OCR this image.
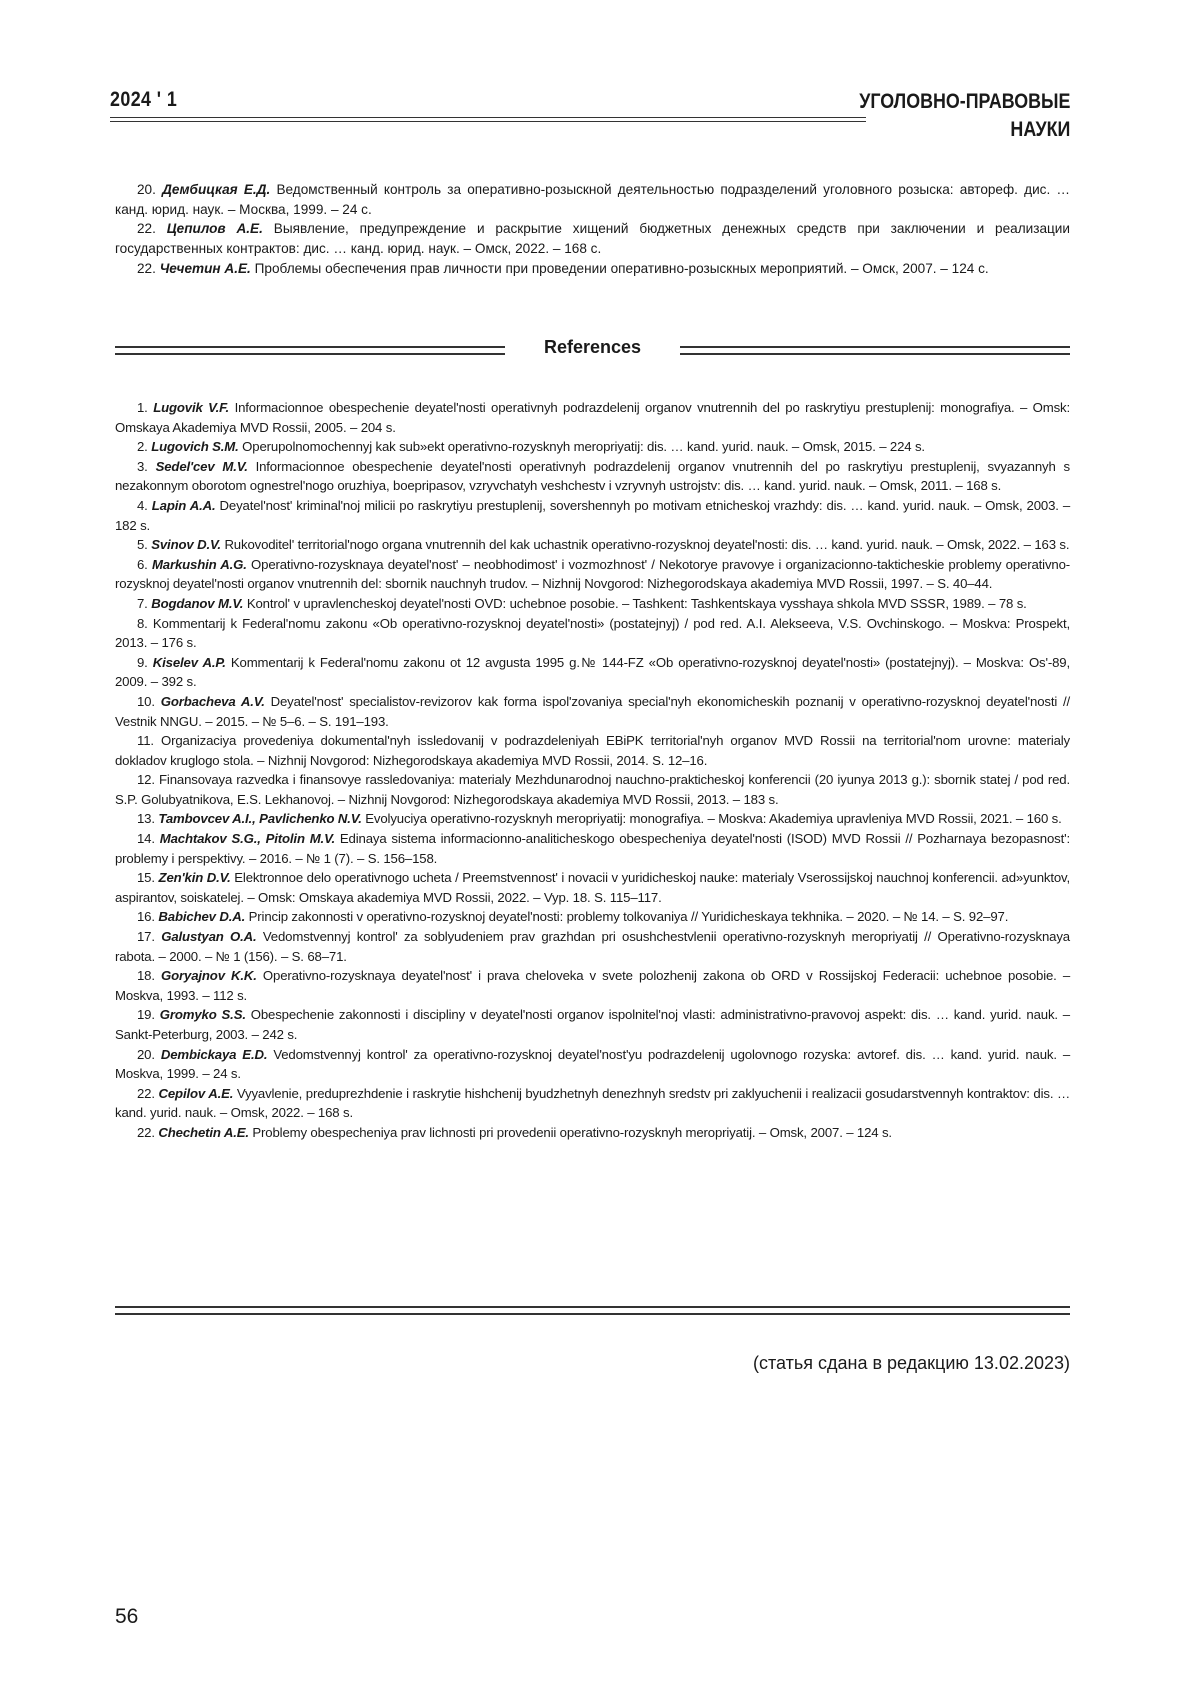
2024 ' 1	УГОЛОВНО-ПРАВОВЫЕ
НАУКИ

20. Дембицкая Е.Д. Ведомственный контроль за оперативно-розыскной деятельностью подразделений уголовного розыска: автореф. дис. … канд. юрид. наук. – Москва, 1999. – 24 с.

22. Цепилов А.Е. Выявление, предупреждение и раскрытие хищений бюджетных денежных средств при заключении и реализации государственных контрактов: дис. … канд. юрид. наук. – Омск, 2022. – 168 с.

22. Чечетин А.Е. Проблемы обеспечения прав личности при проведении оперативно-розыскных мероприятий. – Омск, 2007. – 124 с.

References

1. Lugovik V.F. Informacionnoe obespechenie deyatel'nosti operativnyh podrazdelenij organov vnutrennih del po raskrytiyu prestuplenij: monografiya. – Omsk: Omskaya Akademiya MVD Rossii, 2005. – 204 s.

2. Lugovich S.M. Operupolnomochennyj kak sub»ekt operativno-rozysknyh meropriyatij: dis. … kand. yurid. nauk. – Omsk, 2015. – 224 s.

3. Sedel'cev M.V. Informacionnoe obespechenie deyatel'nosti operativnyh podrazdelenij organov vnutrennih del po raskrytiyu prestuplenij, svyazannyh s nezakonnym oborotom ognestrel'nogo oruzhiya, boepripasov, vzryvchatyh veshchestv i vzryvnyh ustrojstv: dis. … kand. yurid. nauk. – Omsk, 2011. – 168 s.

4. Lapin A.A. Deyatel'nost' kriminal'noj milicii po raskrytiyu prestuplenij, sovershennyh po motivam etnicheskoj vrazhdy: dis. … kand. yurid. nauk. – Omsk, 2003. – 182 s.

5. Svinov D.V. Rukovoditel' territorial'nogo organa vnutrennih del kak uchastnik operativno-rozysknoj deyatel'nosti: dis. … kand. yurid. nauk. – Omsk, 2022. – 163 s.

6. Markushin A.G. Operativno-rozysknaya deyatel'nost' – neobhodimost' i vozmozhnost' / Nekotorye pravovye i organizacionno-takticheskie problemy operativno-rozysknoj deyatel'nosti organov vnutrennih del: sbornik nauchnyh trudov. – Nizhnij Novgorod: Nizhegorodskaya akademiya MVD Rossii, 1997. – S. 40–44.

7. Bogdanov M.V. Kontrol' v upravlencheskoj deyatel'nosti OVD: uchebnoe posobie. – Tashkent: Tashkentskaya vysshaya shkola MVD SSSR, 1989. – 78 s.

8. Kommentarij k Federal'nomu zakonu «Ob operativno-rozysknoj deyatel'nosti» (postatejnyj) / pod red. A.I. Alekseeva, V.S. Ovchinskogo. – Moskva: Prospekt, 2013. – 176 s.

9. Kiselev A.P. Kommentarij k Federal'nomu zakonu ot 12 avgusta 1995 g.№ 144-FZ «Ob operativno-rozysknoj deyatel'nosti» (postatejnyj). – Moskva: Os'-89, 2009. – 392 s.

10. Gorbacheva A.V. Deyatel'nost' specialistov-revizorov kak forma ispol'zovaniya special'nyh ekonomicheskih poznanij v operativno-rozysknoj deyatel'nosti // Vestnik NNGU. – 2015. – № 5–6. – S. 191–193.

11. Organizaciya provedeniya dokumental'nyh issledovanij v podrazdeleniyah EBiPK territorial'nyh organov MVD Rossii na territorial'nom urovne: materialy dokladov kruglogo stola. – Nizhnij Novgorod: Nizhegorodskaya akademiya MVD Rossii, 2014. S. 12–16.

12. Finansovaya razvedka i finansovye rassledovaniya: materialy Mezhdunarodnoj nauchno-prakticheskoj konferencii (20 iyunya 2013 g.): sbornik statej / pod red. S.P. Golubyatnikova, E.S. Lekhanovoj. – Nizhnij Novgorod: Nizhegorodskaya akademiya MVD Rossii, 2013. – 183 s.

13. Tambovcev A.I., Pavlichenko N.V. Evolyuciya operativno-rozysknyh meropriyatij: monografiya. – Moskva: Akademiya upravleniya MVD Rossii, 2021. – 160 s.

14. Machtakov S.G., Pitolin M.V. Edinaya sistema informacionno-analiticheskogo obespecheniya deyatel'nosti (ISOD) MVD Rossii // Pozharnaya bezopasnost': problemy i perspektivy. – 2016. – № 1 (7). – S. 156–158.

15. Zen'kin D.V. Elektronnoe delo operativnogo ucheta / Preemstvennost' i novacii v yuridicheskoj nauke: materialy Vserossijskoj nauchnoj konferencii. ad»yunktov, aspirantov, soiskatelej. – Omsk: Omskaya akademiya MVD Rossii, 2022. – Vyp. 18. S. 115–117.

16. Babichev D.A. Princip zakonnosti v operativno-rozysknoj deyatel'nosti: problemy tolkovaniya // Yuridicheskaya tekhnika. – 2020. – № 14. – S. 92–97.

17. Galustyan O.A. Vedomstvennyj kontrol' za soblyudeniem prav grazhdan pri osushchestvlenii operativno-rozysknyh meropriyatij // Operativno-rozysknaya rabota. – 2000. – № 1 (156). – S. 68–71.

18. Goryajnov K.K. Operativno-rozysknaya deyatel'nost' i prava cheloveka v svete polozhenij zakona ob ORD v Rossijskoj Federacii: uchebnoe posobie. – Moskva, 1993. – 112 s.

19. Gromyko S.S. Obespechenie zakonnosti i discipliny v deyatel'nosti organov ispolnitel'noj vlasti: administrativno-pravovoj aspekt: dis. … kand. yurid. nauk. – Sankt-Peterburg, 2003. – 242 s.

20. Dembickaya E.D. Vedomstvennyj kontrol' za operativno-rozysknoj deyatel'nost'yu podrazdelenij ugolovnogo rozyska: avtoref. dis. … kand. yurid. nauk. – Moskva, 1999. – 24 s.

22. Cepilov A.E. Vyyavlenie, preduprezhdenie i raskrytie hishchenij byudzhetnyh denezhnyh sredstv pri zaklyuchenii i realizacii gosudarstvennyh kontraktov: dis. … kand. yurid. nauk. – Omsk, 2022. – 168 s.

22. Chechetin A.E. Problemy obespecheniya prav lichnosti pri provedenii operativno-rozysknyh meropriyatij. – Omsk, 2007. – 124 s.

(статья сдана в редакцию 13.02.2023)
56
